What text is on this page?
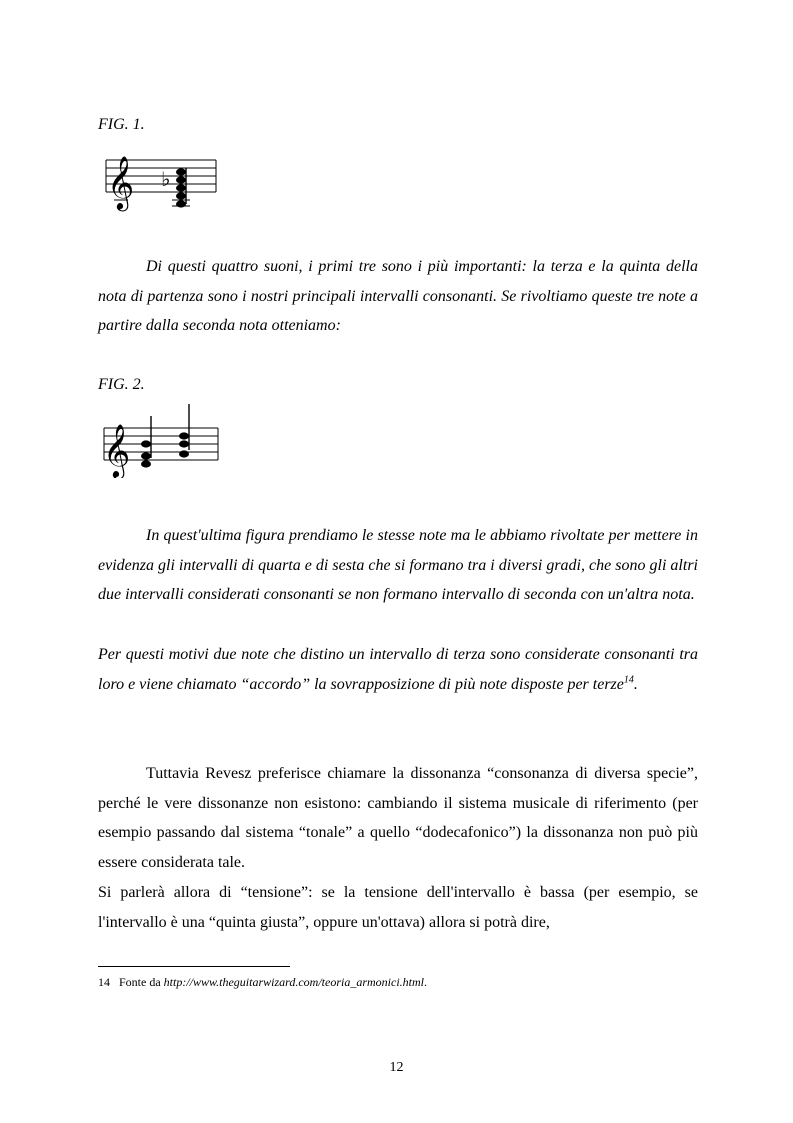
FIG. 1.
𝄞 ♭

Di questi quattro suoni, i primi tre sono i più importanti: la terza e la quinta della nota di partenza sono i nostri principali intervalli consonanti. Se rivoltiamo queste tre note a partire dalla seconda nota otteniamo:

FIG. 2.
𝄞

In quest'ultima figura prendiamo le stesse note ma le abbiamo rivoltate per mettere in evidenza gli intervalli di quarta e di sesta che si formano tra i diversi gradi, che sono gli altri due intervalli considerati consonanti se non formano intervallo di seconda con un'altra nota.

Per questi motivi due note che distino un intervallo di terza sono considerate consonanti tra loro e viene chiamato “accordo” la sovrapposizione di più note disposte per terze$^{14}$.

Tuttavia Revesz preferisce chiamare la dissonanza “consonanza di diversa specie”, perché le vere dissonanze non esistono: cambiando il sistema musicale di riferimento (per esempio passando dal sistema “tonale” a quello “dodecafonico”) la dissonanza non può più essere considerata tale.

Si parlerà allora di “tensione”: se la tensione dell'intervallo è bassa (per esempio, se l'intervallo è una “quinta giusta”, oppure un'ottava) allora si potrà dire,

14 Fonte da http://www.theguitarwizard.com/teoria_armonici.html.
12
